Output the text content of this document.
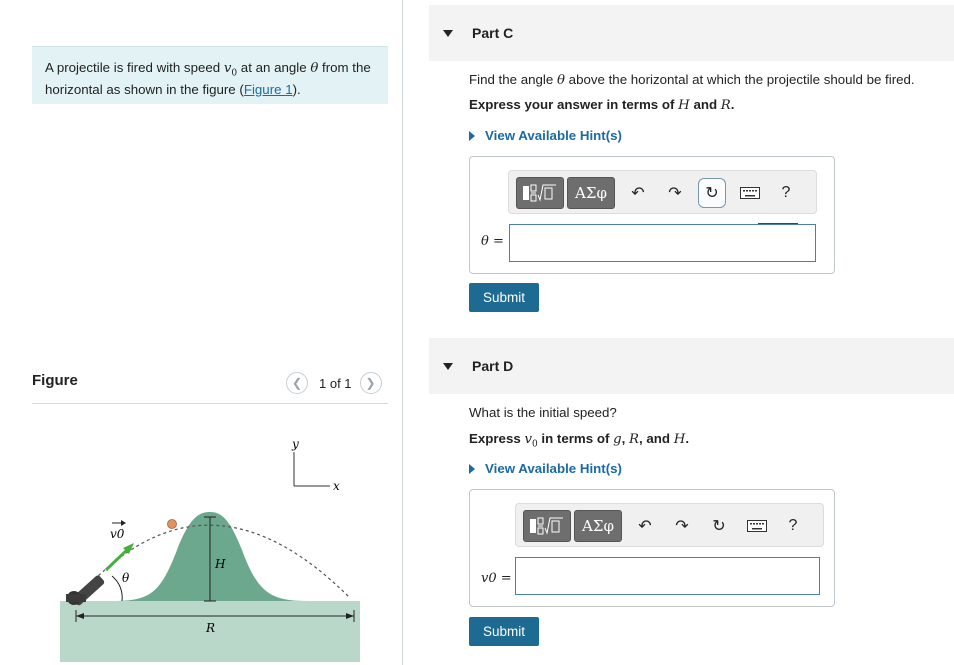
A projectile is fired with speed $v_0$ at an angle θ from the horizontal as shown in the figure (Figure 1).
Figure	❮	1 of 1	❯
y
x
H
R
θ
v0
Part C
Find the angle θ above the horizontal at which the projectile should be fired.
Express your answer in terms of H and R.
View Available Hint(s)
ΑΣφ	↶	↷	↻	?
θ =
Submit
Part D
What is the initial speed?
Express $v_0$ in terms of g, R, and H.
View Available Hint(s)
ΑΣφ	↶	↷	↻	?
v0 =
Submit
